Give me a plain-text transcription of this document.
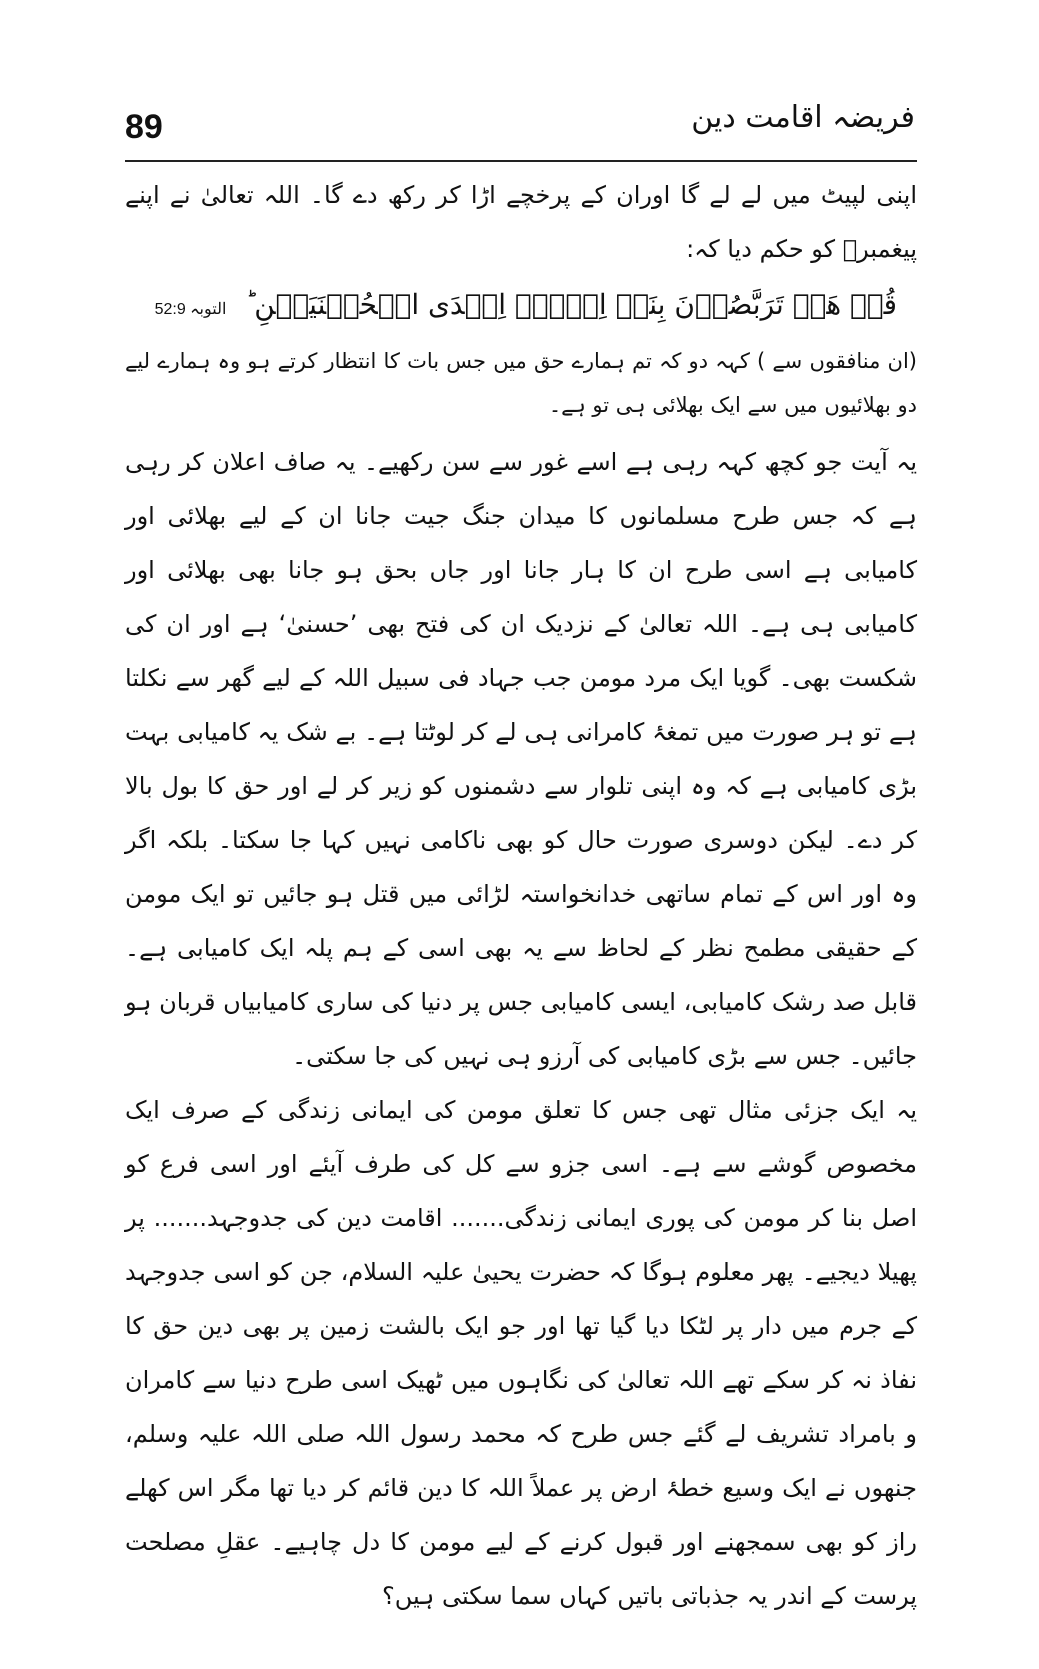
89	فریضہ اقامت دین

اپنی لپیٹ میں لے لے گا اوران کے پرخچے اڑا کر رکھ دے گا۔ اللہ تعالیٰ نے اپنے پیغمبرؐ کو حکم دیا کہ:

قُلۡ هَلۡ تَرَبَّصُوۡنَ بِنَاۤ اِلَّاۤ اِحۡدَى الۡحُسۡنَيَيۡنِ ؕ التوبہ 52:9

(ان منافقوں سے ) کہہ دو کہ تم ہمارے حق میں جس بات کا انتظار کرتے ہو وہ ہمارے لیے دو بھلائیوں میں سے ایک بھلائی ہی تو ہے۔

یہ آیت جو کچھ کہہ رہی ہے اسے غور سے سن رکھیے۔ یہ صاف اعلان کر رہی ہے کہ جس طرح مسلمانوں کا میدان جنگ جیت جانا ان کے لیے بھلائی اور کامیابی ہے اسی طرح ان کا ہار جانا اور جاں بحق ہو جانا بھی بھلائی اور کامیابی ہی ہے۔ اللہ تعالیٰ کے نزدیک ان کی فتح بھی ’حسنیٰ‘ ہے اور ان کی شکست بھی۔ گویا ایک مرد مومن جب جہاد فی سبیل اللہ کے لیے گھر سے نکلتا ہے تو ہر صورت میں تمغۂ کامرانی ہی لے کر لوٹتا ہے۔ بے شک یہ کامیابی بہت بڑی کامیابی ہے کہ وہ اپنی تلوار سے دشمنوں کو زیر کر لے اور حق کا بول بالا کر دے۔ لیکن دوسری صورت حال کو بھی ناکامی نہیں کہا جا سکتا۔ بلکہ اگر وہ اور اس کے تمام ساتھی خدانخواستہ لڑائی میں قتل ہو جائیں تو ایک مومن کے حقیقی مطمح نظر کے لحاظ سے یہ بھی اسی کے ہم پلہ ایک کامیابی ہے۔ قابل صد رشک کامیابی، ایسی کامیابی جس پر دنیا کی ساری کامیابیاں قربان ہو جائیں۔ جس سے بڑی کامیابی کی آرزو ہی نہیں کی جا سکتی۔

یہ ایک جزئی مثال تھی جس کا تعلق مومن کی ایمانی زندگی کے صرف ایک مخصوص گوشے سے ہے۔ اسی جزو سے کل کی طرف آیئے اور اسی فرع کو اصل بنا کر مومن کی پوری ایمانی زندگی....... اقامت دین کی جدوجہد....... پر پھیلا دیجیے۔ پھر معلوم ہوگا کہ حضرت یحییٰ علیہ السلام، جن کو اسی جدوجہد کے جرم میں دار پر لٹکا دیا گیا تھا اور جو ایک بالشت زمین پر بھی دین حق کا نفاذ نہ کر سکے تھے اللہ تعالیٰ کی نگاہوں میں ٹھیک اسی طرح دنیا سے کامران و بامراد تشریف لے گئے جس طرح کہ محمد رسول اللہ صلی اللہ علیہ وسلم، جنھوں نے ایک وسیع خطۂ ارض پر عملاً اللہ کا دین قائم کر دیا تھا مگر اس کھلے راز کو بھی سمجھنے اور قبول کرنے کے لیے مومن کا دل چاہیے۔ عقلِ مصلحت پرست کے اندر یہ جذباتی باتیں کہاں سما سکتی ہیں؟
